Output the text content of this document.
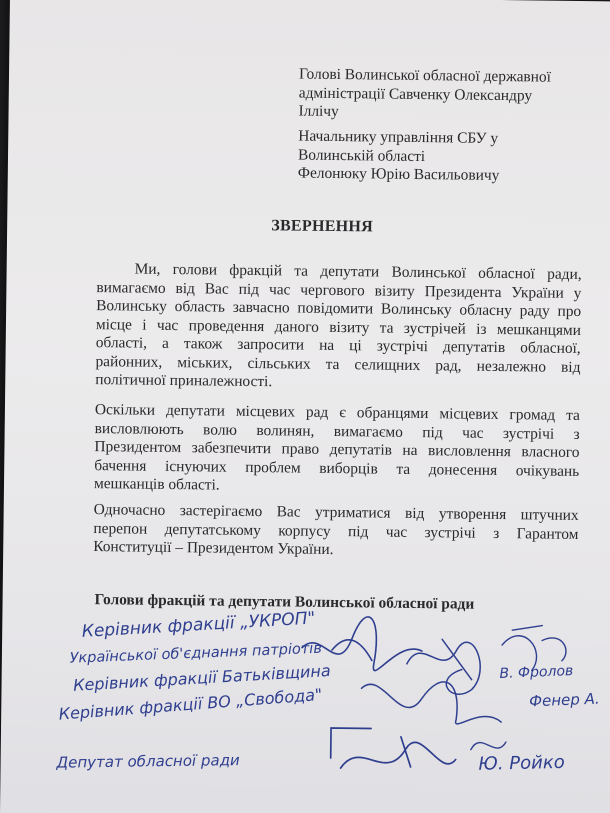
Голові Волинської обласної державної
адміністрації Савченку Олександру
Іллічу
Начальнику управління СБУ у
Волинській області
Фелонюку Юрію Васильовичу
ЗВЕРНЕННЯ
Ми, голови фракцій та депутати Волинської обласної ради,
вимагаємо від Вас під час чергового візиту Президента України у
Волинську область завчасно повідомити Волинську обласну раду про
місце і час проведення даного візиту та зустрічей із мешканцями
області, а також запросити на ці зустрічі депутатів обласної,
районних, міських, сільських та селищних рад, незалежно від
політичної приналежності.
Оскільки депутати місцевих рад є обранцями місцевих громад та
висловлюють волю волинян, вимагаємо під час зустрічі з
Президентом забезпечити право депутатів на висловлення власного
бачення існуючих проблем виборців та донесення очікувань
мешканців області.
Одночасно застерігаємо Вас утриматися від утворення штучних
перепон депутатському корпусу під час зустрічі з Гарантом
Конституції – Президентом України.
Голови фракцій та депутати Волинської обласної ради
Керівник фракції „УКРОП"
Української об'єднання патріотів
Керівник фракції Батьківщина
Керівник фракції ВО „Свобода"
Депутат обласної ради
В. Фролов
Фенер А.
Ю. Ройко
